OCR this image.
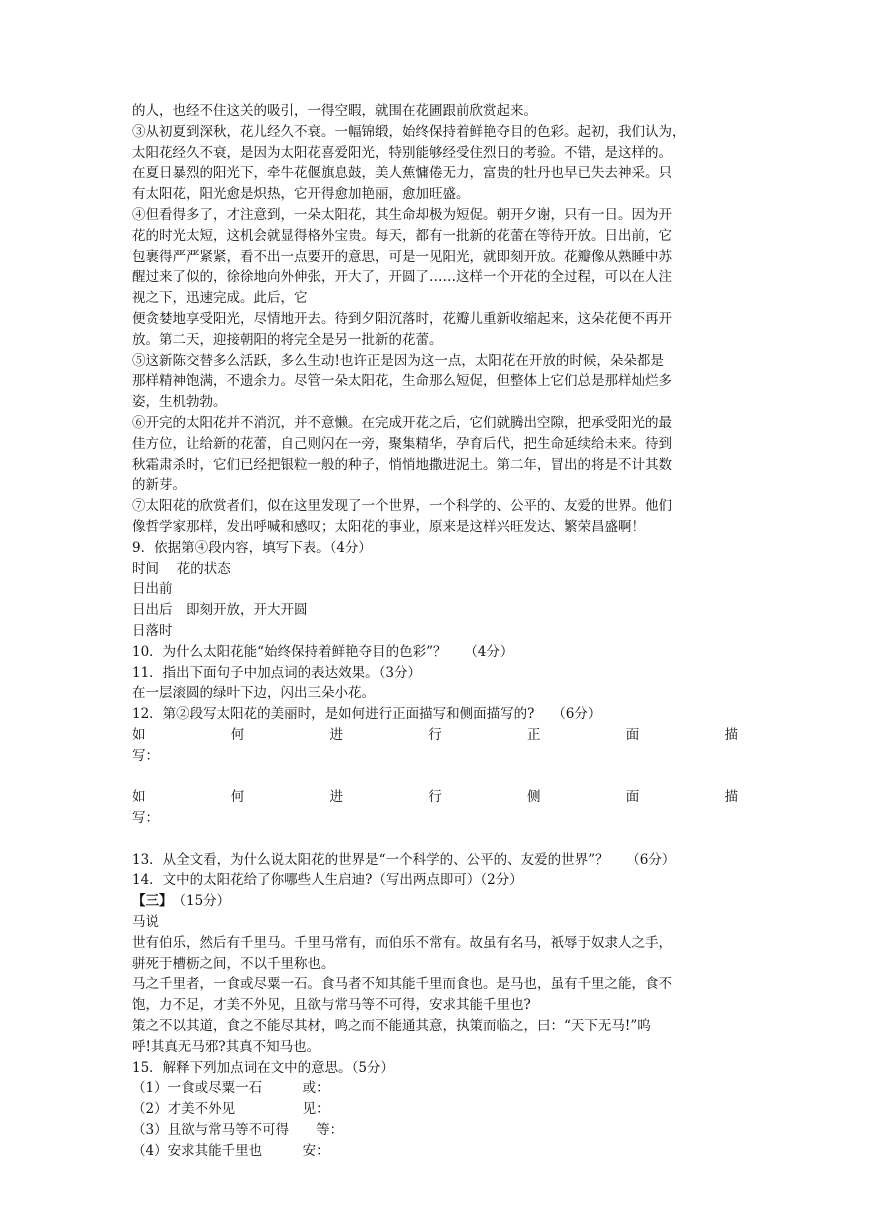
的人，也经不住这关的吸引，一得空暇，就围在花圃跟前欣赏起来。
③从初夏到深秋，花儿经久不衰。一幅锦缎，始终保持着鲜艳夺目的色彩。起初，我们认为，
太阳花经久不衰，是因为太阳花喜爱阳光，特别能够经受住烈日的考验。不错，是这样的。
在夏日暴烈的阳光下，牵牛花偃旗息鼓，美人蕉慵倦无力，富贵的牡丹也早已失去神采。只
有太阳花，阳光愈是炽热，它开得愈加艳丽，愈加旺盛。
④但看得多了，才注意到，一朵太阳花，其生命却极为短促。朝开夕谢，只有一日。因为开
花的时光太短，这机会就显得格外宝贵。每天，都有一批新的花蕾在等待开放。日出前，它
包裹得严严紧紧，看不出一点要开的意思，可是一见阳光，就即刻开放。花瓣像从熟睡中苏
醒过来了似的，徐徐地向外伸张，开大了，开圆了……这样一个开花的全过程，可以在人注
视之下，迅速完成。此后，它
便贪婪地享受阳光，尽情地开去。待到夕阳沉落时，花瓣儿重新收缩起来，这朵花便不再开
放。第二天，迎接朝阳的将完全是另一批新的花蕾。
⑤这新陈交替多么活跃，多么生动!也许正是因为这一点，太阳花在开放的时候，朵朵都是
那样精神饱满，不遗余力。尽管一朵太阳花，生命那么短促，但整体上它们总是那样灿烂多
姿，生机勃勃。
⑥开完的太阳花并不消沉，并不意懒。在完成开花之后，它们就腾出空隙，把承受阳光的最
佳方位，让给新的花蕾，自己则闪在一旁，聚集精华，孕育后代，把生命延续给未来。待到
秋霜肃杀时，它们已经把银粒一般的种子，悄悄地撒进泥土。第二年，冒出的将是不计其数
的新芽。
⑦太阳花的欣赏者们，似在这里发现了一个世界，一个科学的、公平的、友爱的世界。他们
像哲学家那样，发出呼喊和感叹；太阳花的事业，原来是这样兴旺发达、繁荣昌盛啊！
9．依据第④段内容，填写下表。（4分）
时间　 花的状态
日出前
日出后　即刻开放，开大开圆
日落时
10．为什么太阳花能“始终保持着鲜艳夺目的色彩”？　 （4分）
11．指出下面句子中加点词的表达效果。（3分）
在一层滚圆的绿叶下边，闪出三朵小花。
12．第②段写太阳花的美丽时，是如何进行正面描写和侧面描写的?　 （6分）
如	何	进	行	正	面	描
写：
如	何	进	行	侧	面	描
写：
13．从全文看，为什么说太阳花的世界是“一个科学的、公平的、友爱的世界”？　 （6分）
14．文中的太阳花给了你哪些人生启迪?（写出两点即可）（2分）
【三】　（15分）
马说
世有伯乐，然后有千里马。千里马常有，而伯乐不常有。故虽有名马，祇辱于奴隶人之手，
骈死于槽枥之间，不以千里称也。
马之千里者，一食或尽粟一石。食马者不知其能千里而食也。是马也，虽有千里之能，食不
饱，力不足，才美不外见，且欲与常马等不可得，安求其能千里也?
策之不以其道，食之不能尽其材，鸣之而不能通其意，执策而临之，曰：“天下无马!”呜
呼!其真无马邪?其真不知马也。
15．解释下列加点词在文中的意思。（5分）
（1）一食或尽粟一石　　　或：
（2）才美不外见　　　　　见：
（3）且欲与常马等不可得　　等：
（4）安求其能千里也　　　安：
